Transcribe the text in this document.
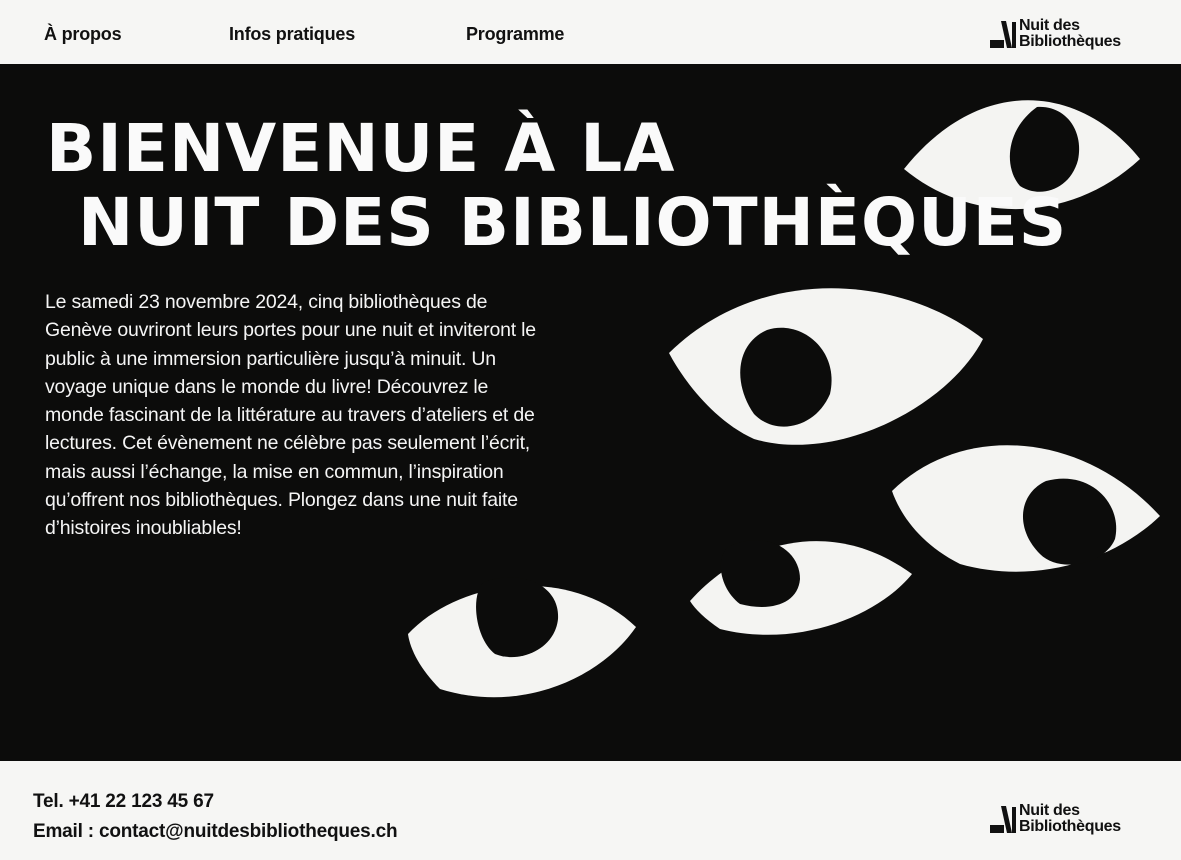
À propos	Infos pratiques	Programme	Nuit des
Bibliothèques
BIENVENUE À LA
NUIT DES BIBLIOTHÈQUES

Le samedi 23 novembre 2024, cinq bibliothèques de Genève ouvriront leurs portes pour une nuit et inviteront le public à une immersion particulière jusqu’à minuit. Un voyage unique dans le monde du livre! Découvrez le monde fascinant de la littérature au travers d’ateliers et de lectures. Cet évènement ne célèbre pas seulement l’écrit, mais aussi l’échange, la mise en commun, l’inspiration qu’offrent nos bibliothèques. Plongez dans une nuit faite d’histoires inoubliables!

Tel. +41 22 123 45 67
Email : contact@nuitdesbibliotheques.ch
Nuit des
Bibliothèques
